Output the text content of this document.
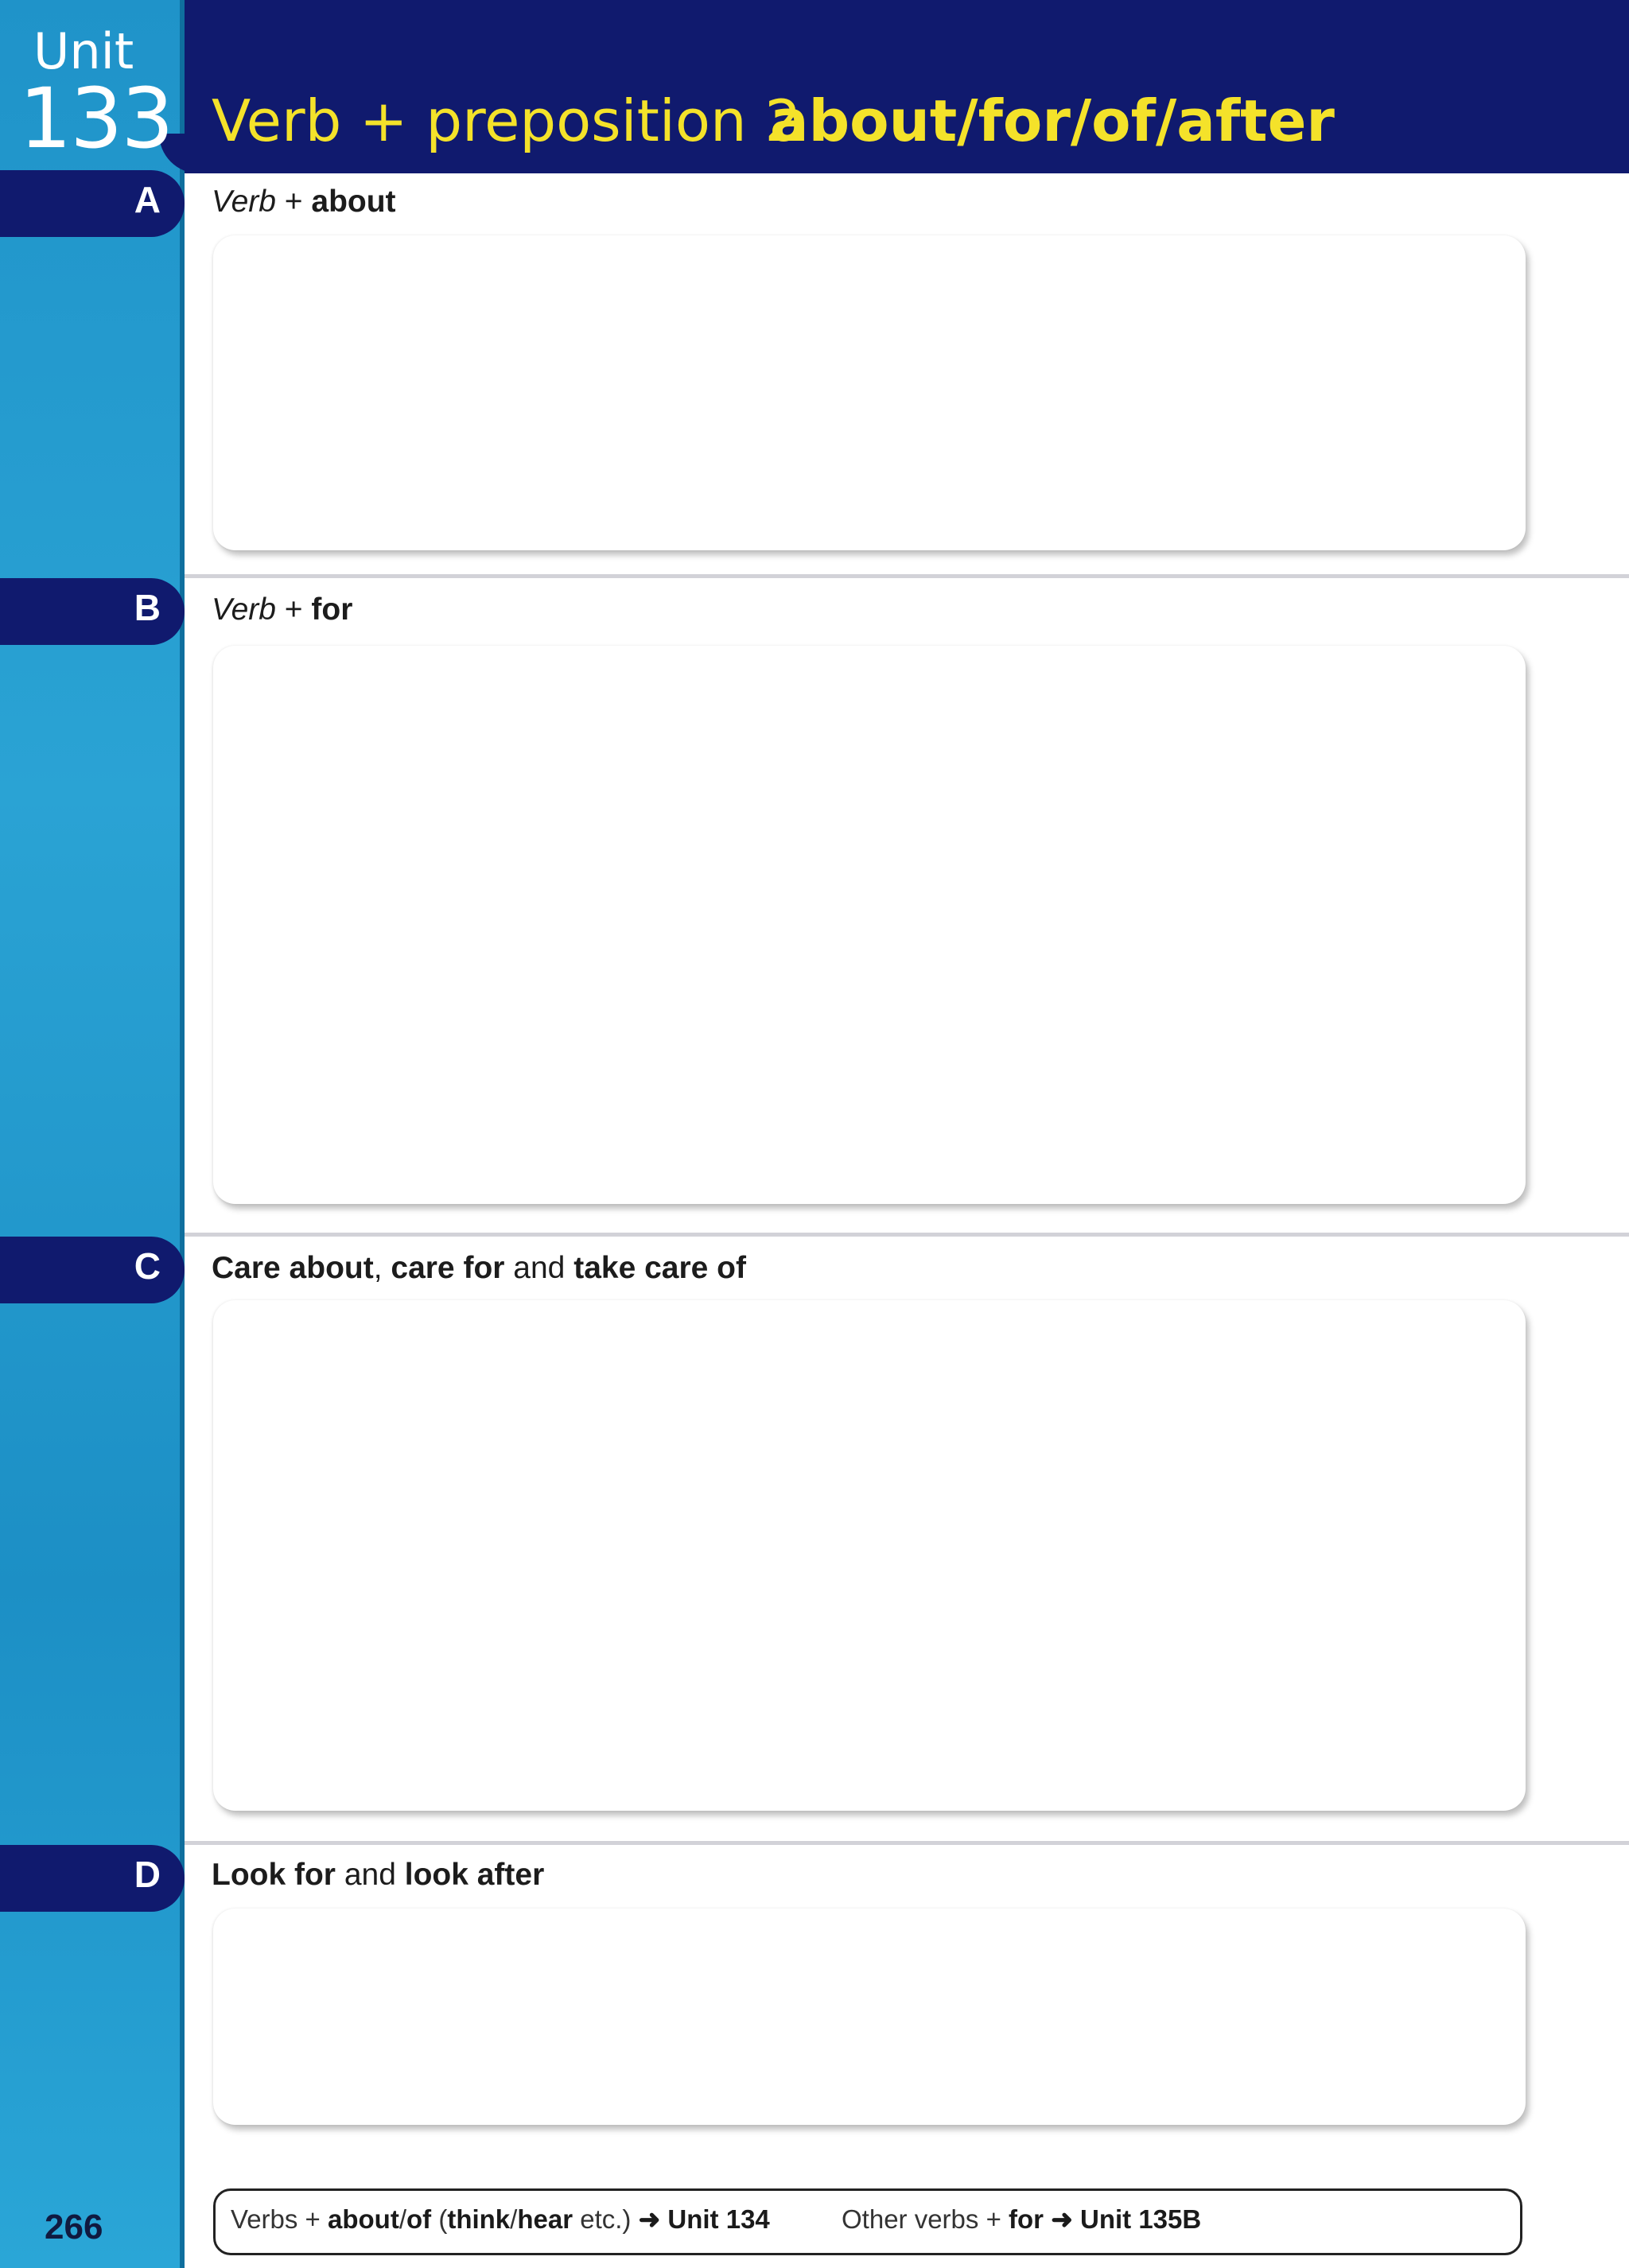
Unit
133 Verb + preposition 2
about/for/of/after
A
B
C
D
Verb + about
Verb + for
Care about, care for and take care of
Look for and look after
Verbs + about/of (think/hear etc.) ➜ Unit 134	Other verbs + for ➜ Unit 135B
266
